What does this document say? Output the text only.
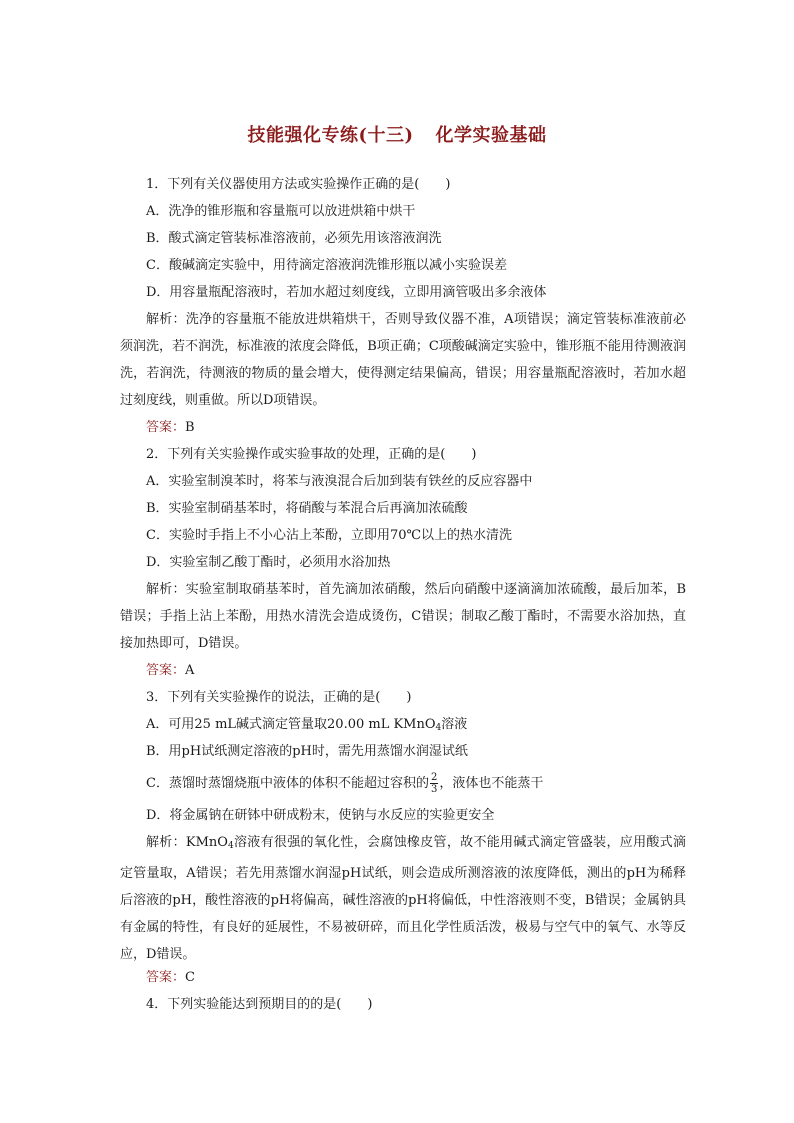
技能强化专练(十三) 化学实验基础
1．下列有关仪器使用方法或实验操作正确的是(　　)
A．洗净的锥形瓶和容量瓶可以放进烘箱中烘干
B．酸式滴定管装标准溶液前，必须先用该溶液润洗
C．酸碱滴定实验中，用待滴定溶液润洗锥形瓶以减小实验误差
D．用容量瓶配溶液时，若加水超过刻度线，立即用滴管吸出多余液体
解析：洗净的容量瓶不能放进烘箱烘干，否则导致仪器不准，A项错误；滴定管装标准液前必须润洗，若不润洗，标准液的浓度会降低，B项正确；C项酸碱滴定实验中，锥形瓶不能用待测液润洗，若润洗，待测液的物质的量会增大，使得测定结果偏高，错误；用容量瓶配溶液时，若加水超过刻度线，则重做。所以D项错误。
答案：B
2．下列有关实验操作或实验事故的处理，正确的是(　　)
A．实验室制溴苯时，将苯与液溴混合后加到装有铁丝的反应容器中
B．实验室制硝基苯时，将硝酸与苯混合后再滴加浓硫酸
C．实验时手指上不小心沾上苯酚，立即用70℃以上的热水清洗
D．实验室制乙酸丁酯时，必须用水浴加热
解析：实验室制取硝基苯时，首先滴加浓硝酸，然后向硝酸中逐滴滴加浓硫酸，最后加苯，B错误；手指上沾上苯酚，用热水清洗会造成烫伤，C错误；制取乙酸丁酯时，不需要水浴加热，直接加热即可，D错误。
答案：A
3．下列有关实验操作的说法，正确的是(　　)
A．可用25 mL碱式滴定管量取20.00 mL KMnO$_4$溶液
B．用pH试纸测定溶液的pH时，需先用蒸馏水润湿试纸
C．蒸馏时蒸馏烧瓶中液体的体积不能超过容积的 $\frac{2}{3}$ ，液体也不能蒸干
D．将金属钠在研钵中研成粉末，使钠与水反应的实验更安全
解析：KMnO$_4$溶液有很强的氧化性，会腐蚀橡皮管，故不能用碱式滴定管盛装，应用酸式滴定管量取，A错误；若先用蒸馏水润湿pH试纸，则会造成所测溶液的浓度降低，测出的pH为稀释后溶液的pH，酸性溶液的pH将偏高，碱性溶液的pH将偏低，中性溶液则不变，B错误；金属钠具有金属的特性，有良好的延展性，不易被研碎，而且化学性质活泼，极易与空气中的氧气、水等反应，D错误。
答案：C
4．下列实验能达到预期目的的是(　　)
